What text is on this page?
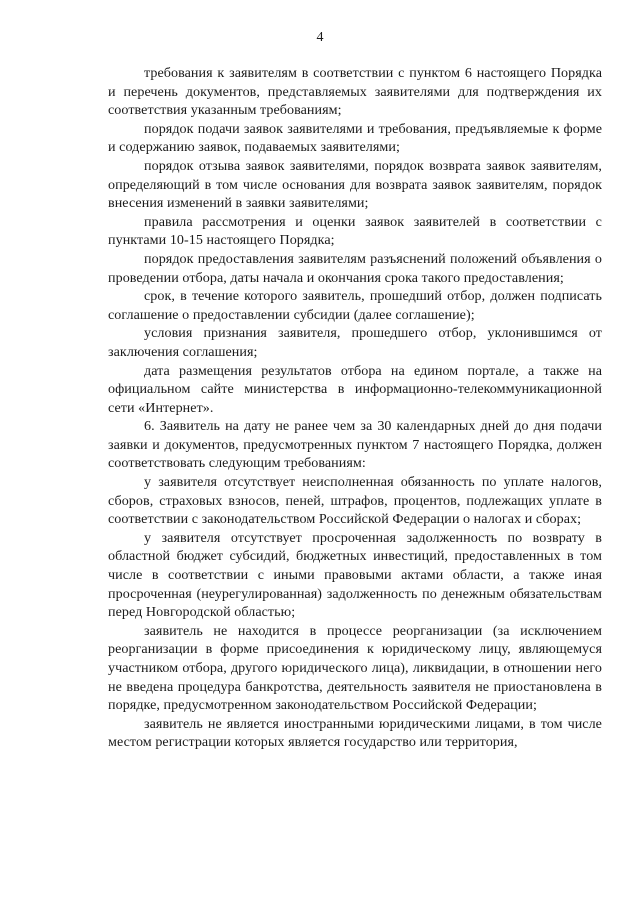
4

требования к заявителям в соответствии с пунктом 6 настоящего Порядка и перечень документов, представляемых заявителями для подтверждения их соответствия указанным требованиям;

порядок подачи заявок заявителями и требования, предъявляемые к форме и содержанию заявок, подаваемых заявителями;

порядок отзыва заявок заявителями, порядок возврата заявок заявителям, определяющий в том числе основания для возврата заявок заявителям, порядок внесения изменений в заявки заявителями;

правила рассмотрения и оценки заявок заявителей в соответствии с пунктами 10-15 настоящего Порядка;

порядок предоставления заявителям разъяснений положений объявления о проведении отбора, даты начала и окончания срока такого предоставления;

срок, в течение которого заявитель, прошедший отбор, должен подписать соглашение о предоставлении субсидии (далее соглашение);

условия признания заявителя, прошедшего отбор, уклонившимся от заключения соглашения;

дата размещения результатов отбора на едином портале, а также на официальном сайте министерства в информационно-телекоммуникационной сети «Интернет».

6. Заявитель на дату не ранее чем за 30 календарных дней до дня подачи заявки и документов, предусмотренных пунктом 7 настоящего Порядка, должен соответствовать следующим требованиям:

у заявителя отсутствует неисполненная обязанность по уплате налогов, сборов, страховых взносов, пеней, штрафов, процентов, подлежащих уплате в соответствии с законодательством Российской Федерации о налогах и сборах;

у заявителя отсутствует просроченная задолженность по возврату в областной бюджет субсидий, бюджетных инвестиций, предоставленных в том числе в соответствии с иными правовыми актами области, а также иная просроченная (неурегулированная) задолженность по денежным обязательствам перед Новгородской областью;

заявитель не находится в процессе реорганизации (за исключением реорганизации в форме присоединения к юридическому лицу, являющемуся участником отбора, другого юридического лица), ликвидации, в отношении него не введена процедура банкротства, деятельность заявителя не приостановлена в порядке, предусмотренном законодательством Российской Федерации;

заявитель не является иностранными юридическими лицами, в том числе местом регистрации которых является государство или территория,
